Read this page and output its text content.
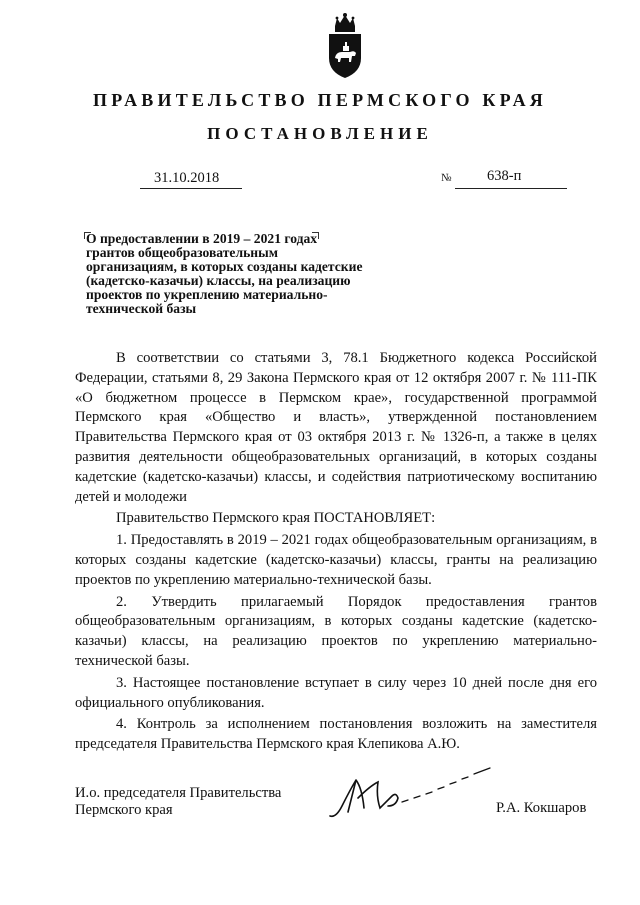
ПРАВИТЕЛЬСТВО ПЕРМСКОГО КРАЯ
ПОСТАНОВЛЕНИЕ
31.10.2018	№ 638-п
О предоставлении в 2019 – 2021 годах
грантов общеобразовательным
организациям, в которых созданы кадетские
(кадетско-казачьи) классы, на реализацию
проектов по укреплению материально-
технической базы

В соответствии со статьями 3, 78.1 Бюджетного кодекса Российской Федерации, статьями 8, 29 Закона Пермского края от 12 октября 2007 г. № 111-ПК «О бюджетном процессе в Пермском крае», государственной программой Пермского края «Общество и власть», утвержденной постановлением Правительства Пермского края от 03 октября 2013 г. № 1326-п, а также в целях развития деятельности общеобразовательных организаций, в которых созданы кадетские (кадетско-казачьи) классы, и содействия патриотическому воспитанию детей и молодежи

Правительство Пермского края ПОСТАНОВЛЯЕТ:

1. Предоставлять в 2019 – 2021 годах общеобразовательным организациям, в которых созданы кадетские (кадетско-казачьи) классы, гранты на реализацию проектов по укреплению материально-технической базы.

2. Утвердить прилагаемый Порядок предоставления грантов общеобразовательным организациям, в которых созданы кадетские (кадетско-казачьи) классы, на реализацию проектов по укреплению материально-технической базы.

3. Настоящее постановление вступает в силу через 10 дней после дня его официального опубликования.

4. Контроль за исполнением постановления возложить на заместителя председателя Правительства Пермского края Клепикова А.Ю.

И.о. председателя Правительства
Пермского края	Р.А. Кокшаров
